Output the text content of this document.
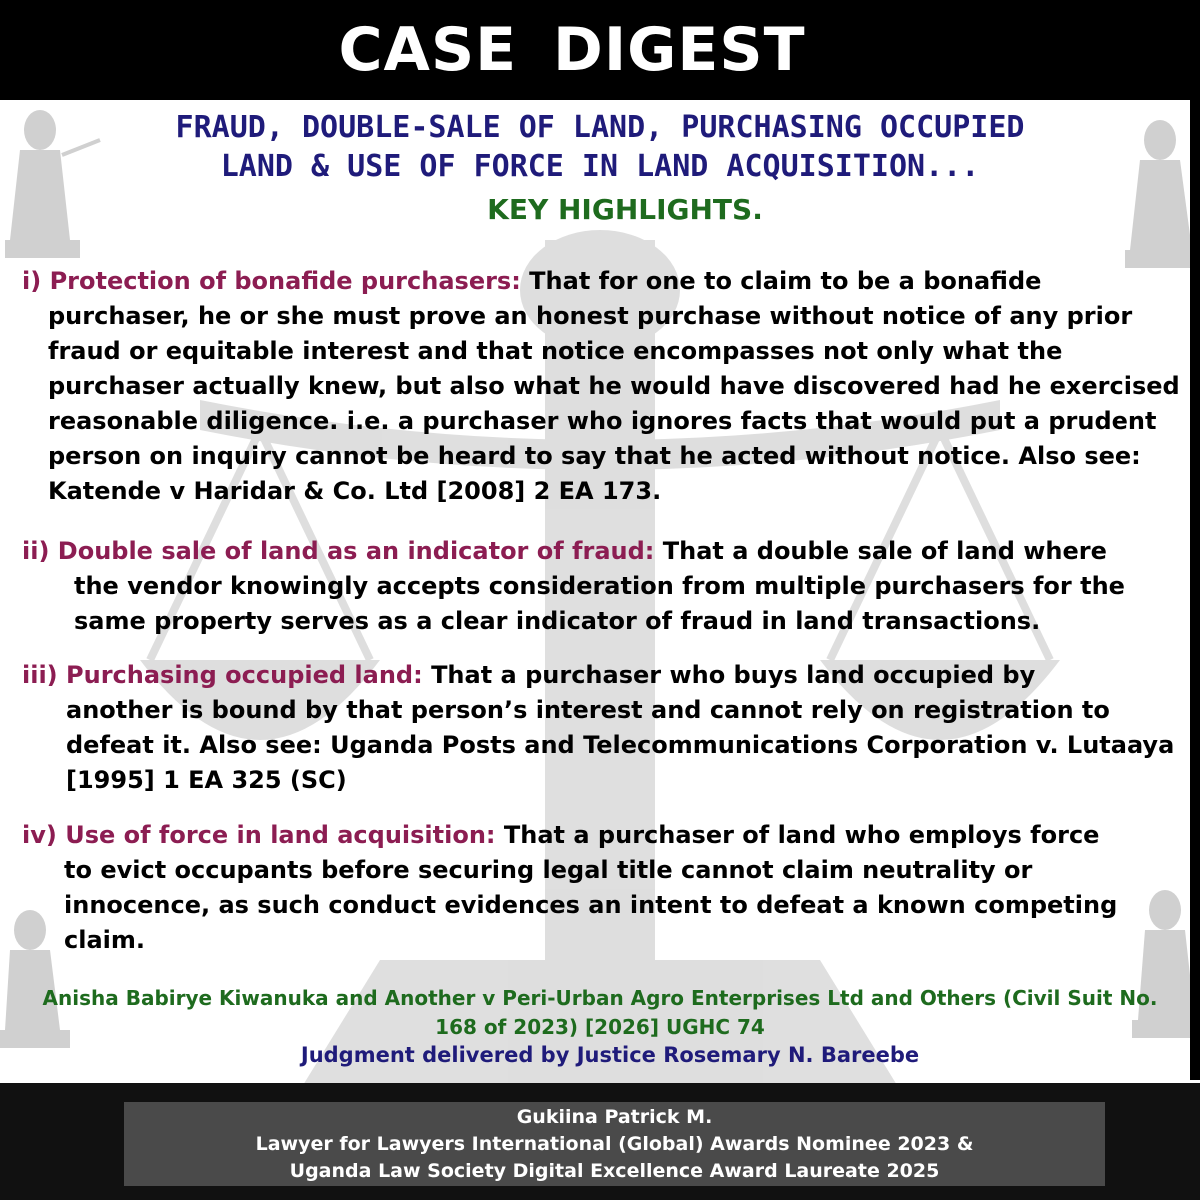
CASE DIGEST
FRAUD, DOUBLE-SALE OF LAND, PURCHASING OCCUPIED
LAND & USE OF FORCE IN LAND ACQUISITION...
KEY HIGHLIGHTS.
i) Protection of bonafide purchasers: That for one to claim to be a bonafide
purchaser, he or she must prove an honest purchase without notice of any prior fraud or equitable interest and that notice encompasses not only what the purchaser actually knew, but also what he would have discovered had he exercised reasonable diligence. i.e. a purchaser who ignores facts that would put a prudent person on inquiry cannot be heard to say that he acted without notice. Also see: Katende v Haridar & Co. Ltd [2008] 2 EA 173.
ii) Double sale of land as an indicator of fraud: That a double sale of land where
the vendor knowingly accepts consideration from multiple purchasers for the same property serves as a clear indicator of fraud in land transactions.
iii) Purchasing occupied land: That a purchaser who buys land occupied by
another is bound by that person’s interest and cannot rely on registration to defeat it. Also see: Uganda Posts and Telecommunications Corporation v. Lutaaya [1995] 1 EA 325 (SC)
iv) Use of force in land acquisition: That a purchaser of land who employs force
to evict occupants before securing legal title cannot claim neutrality or innocence, as such conduct evidences an intent to defeat a known competing claim.
Anisha Babirye Kiwanuka and Another v Peri-Urban Agro Enterprises Ltd and Others (Civil Suit No.
168 of 2023) [2026] UGHC 74
Judgment delivered by Justice Rosemary N. Bareebe
Gukiina Patrick M.
Lawyer for Lawyers International (Global) Awards Nominee 2023 &
Uganda Law Society Digital Excellence Award Laureate 2025
